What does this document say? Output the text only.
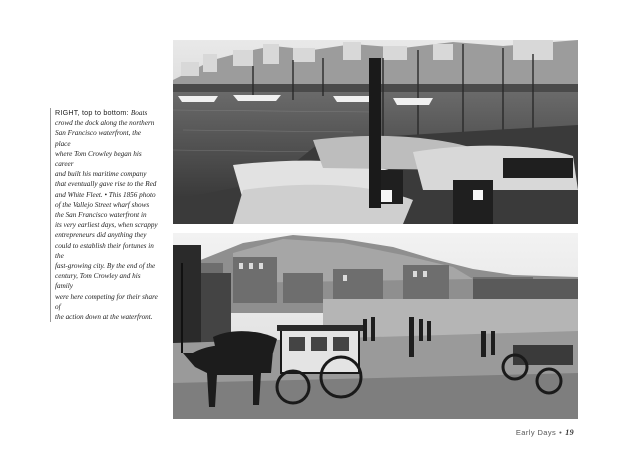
RIGHT, top to bottom: Boats
crowd the dock along the northern
San Francisco waterfront, the place
where Tom Crowley began his career
and built his maritime company
that eventually gave rise to the Red
and White Fleet. • This 1856 photo
of the Vallejo Street wharf shows
the San Francisco waterfront in
its very earliest days, when scrappy
entrepreneurs did anything they
could to establish their fortunes in the
fast-growing city. By the end of the
century, Tom Crowley and his family
were here competing for their share of
the action down at the waterfront.
Early Days • 19
